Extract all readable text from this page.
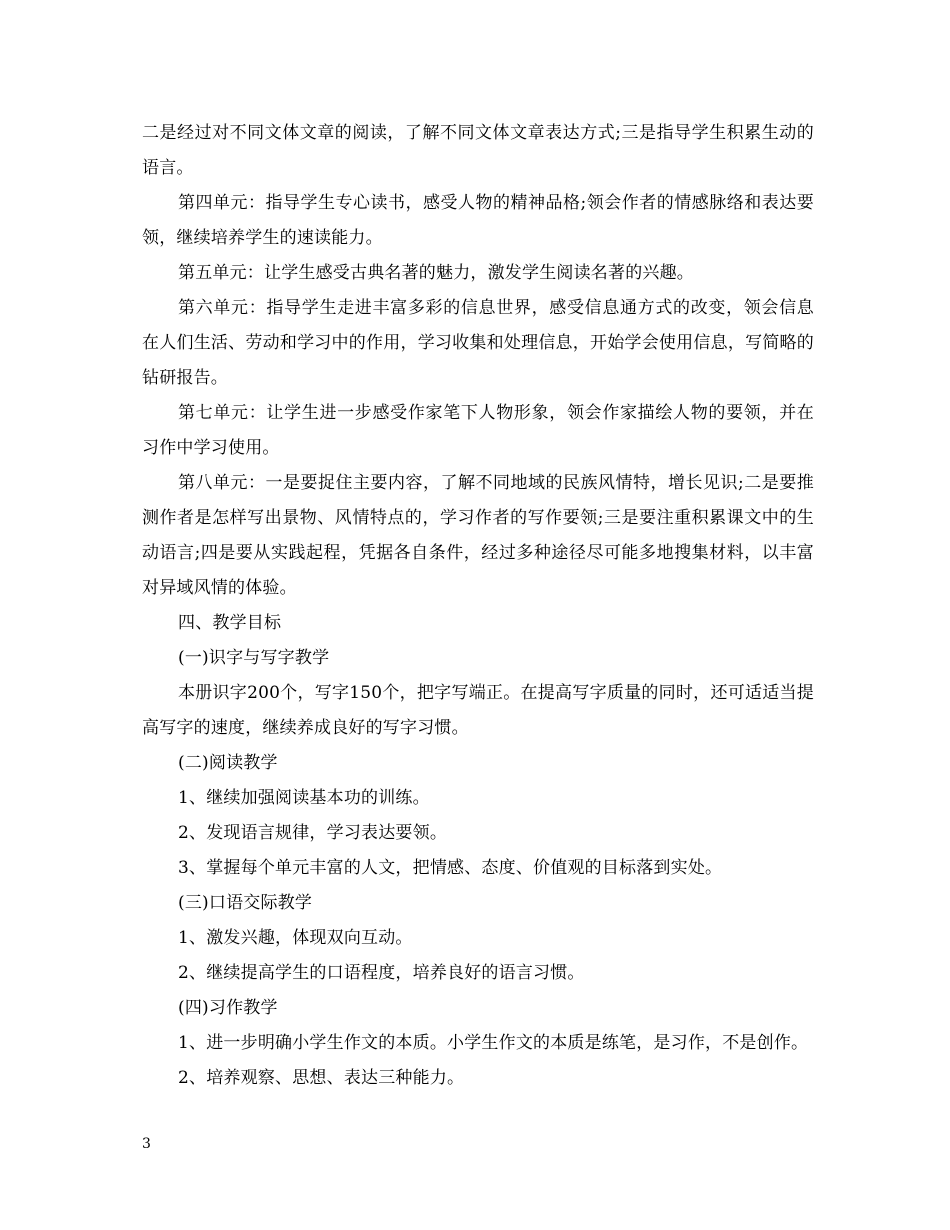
二是经过对不同文体文章的阅读，了解不同文体文章表达方式;三是指导学生积累生动的语言。

第四单元：指导学生专心读书，感受人物的精神品格;领会作者的情感脉络和表达要领，继续培养学生的速读能力。

第五单元：让学生感受古典名著的魅力，激发学生阅读名著的兴趣。

第六单元：指导学生走进丰富多彩的信息世界，感受信息通方式的改变，领会信息在人们生活、劳动和学习中的作用，学习收集和处理信息，开始学会使用信息，写简略的钻研报告。

第七单元：让学生进一步感受作家笔下人物形象，领会作家描绘人物的要领，并在习作中学习使用。

第八单元：一是要捉住主要内容，了解不同地域的民族风情特，增长见识;二是要推测作者是怎样写出景物、风情特点的，学习作者的写作要领;三是要注重积累课文中的生动语言;四是要从实践起程，凭据各自条件，经过多种途径尽可能多地搜集材料，以丰富对异域风情的体验。

四、教学目标

(一)识字与写字教学

本册识字200个，写字150个，把字写端正。在提高写字质量的同时，还可适适当提高写字的速度，继续养成良好的写字习惯。

(二)阅读教学

1、继续加强阅读基本功的训练。

2、发现语言规律，学习表达要领。

3、掌握每个单元丰富的人文，把情感、态度、价值观的目标落到实处。

(三)口语交际教学

1、激发兴趣，体现双向互动。

2、继续提高学生的口语程度，培养良好的语言习惯。

(四)习作教学

1、进一步明确小学生作文的本质。小学生作文的本质是练笔，是习作，不是创作。

2、培养观察、思想、表达三种能力。

3
